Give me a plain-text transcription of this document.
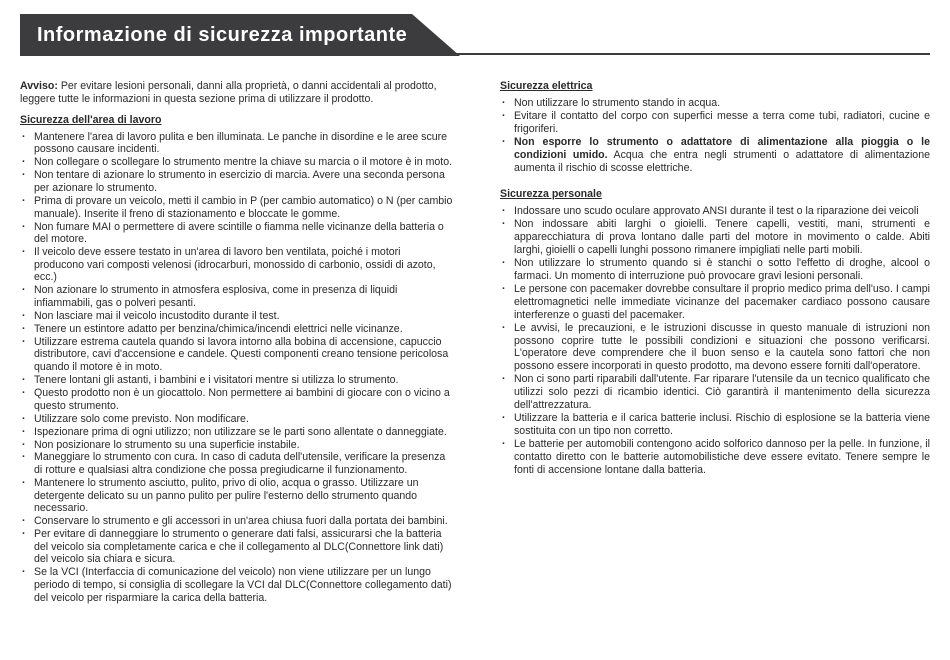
Informazione di sicurezza importante

Avviso: Per evitare lesioni personali, danni alla proprietà, o danni accidentali al prodotto, leggere tutte le informazioni in questa sezione prima di utilizzare il prodotto.

Sicurezza dell'area di lavoro
· Mantenere l'area di lavoro pulita e ben illuminata. Le panche in disordine e le aree scure possono causare incidenti.
· Non collegare o scollegare lo strumento mentre la chiave su marcia o il motore è in moto.
· Non tentare di azionare lo strumento in esercizio di marcia. Avere una seconda persona per azionare lo strumento.
· Prima di provare un veicolo, metti il cambio in P (per cambio automatico) o N (per cambio manuale). Inserite il freno di stazionamento e bloccate le gomme.
· Non fumare MAI o permettere di avere scintille o fiamma nelle vicinanze della batteria o del motore.
· Il veicolo deve essere testato in un'area di lavoro ben ventilata, poiché i motori producono vari composti velenosi (idrocarburi, monossido di carbonio, ossidi di azoto, ecc.)
· Non azionare lo strumento in atmosfera esplosiva, come in presenza di liquidi infiammabili, gas o polveri pesanti.
· Non lasciare mai il veicolo incustodito durante il test.
· Tenere un estintore adatto per benzina/chimica/incendi elettrici nelle vicinanze.
· Utilizzare estrema cautela quando si lavora intorno alla bobina di accensione, capuccio distributore, cavi d'accensione e candele. Questi componenti creano tensione pericolosa quando il motore è in moto.
· Tenere lontani gli astanti, i bambini e i visitatori mentre si utilizza lo strumento.
· Questo prodotto non è un giocattolo. Non permettere ai bambini di giocare con o vicino a questo strumento.
· Utilizzare solo come previsto. Non modificare.
· Ispezionare prima di ogni utilizzo; non utilizzare se le parti sono allentate o danneggiate.
· Non posizionare lo strumento su una superficie instabile.
· Maneggiare lo strumento con cura. In caso di caduta dell'utensile, verificare la presenza di rotture e qualsiasi altra condizione che possa pregiudicarne il funzionamento.
· Mantenere lo strumento asciutto, pulito, privo di olio, acqua o grasso. Utilizzare un detergente delicato su un panno pulito per pulire l'esterno dello strumento quando necessario.
· Conservare lo strumento e gli accessori in un'area chiusa fuori dalla portata dei bambini.
· Per evitare di danneggiare lo strumento o generare dati falsi, assicurarsi che la batteria del veicolo sia completamente carica e che il collegamento al DLC(Connettore link dati) del veicolo sia chiara e sicura.
· Se la VCI (Interfaccia di comunicazione del veicolo) non viene utilizzare per un lungo periodo di tempo, si consiglia di scollegare la VCI dal DLC(Connettore collegamento dati) del veicolo per risparmiare la carica della batteria.
Sicurezza elettrica
· Non utilizzare lo strumento stando in acqua.
· Evitare il contatto del corpo con superfici messe a terra come tubi, radiatori, cucine e frigoriferi.
· Non esporre lo strumento o adattatore di alimentazione alla pioggia o le condizioni umido. Acqua che entra negli strumenti o adattatore di alimentazione aumenta il rischio di scosse elettriche.
Sicurezza personale
· Indossare uno scudo oculare approvato ANSI durante il test o la riparazione dei veicoli
· Non indossare abiti larghi o gioielli. Tenere capelli, vestiti, mani, strumenti e apparecchiatura di prova lontano dalle parti del motore in movimento o calde. Abiti larghi, gioielli o capelli lunghi possono rimanere impigliati nelle parti mobili.
· Non utilizzare lo strumento quando si è stanchi o sotto l'effetto di droghe, alcool o farmaci. Un momento di interruzione può provocare gravi lesioni personali.
· Le persone con pacemaker dovrebbe consultare il proprio medico prima dell'uso. I campi elettromagnetici nelle immediate vicinanze del pacemaker cardiaco possono causare interferenze o guasti del pacemaker.
· Le avvisi, le precauzioni, e le istruzioni discusse in questo manuale di istruzioni non possono coprire tutte le possibili condizioni e situazioni che possono verificarsi. L'operatore deve comprendere che il buon senso e la cautela sono fattori che non possono essere incorporati in questo prodotto, ma devono essere forniti dall'operatore.
· Non ci sono parti riparabili dall'utente. Far riparare l'utensile da un tecnico qualificato che utilizzi solo pezzi di ricambio identici. Ciò garantirà il mantenimento della sicurezza dell'attrezzatura.
· Utilizzare la batteria e il carica batterie inclusi. Rischio di esplosione se la batteria viene sostituita con un tipo non corretto.
· Le batterie per automobili contengono acido solforico dannoso per la pelle. In funzione, il contatto diretto con le batterie automobilistiche deve essere evitato. Tenere sempre le fonti di accensione lontane dalla batteria.
